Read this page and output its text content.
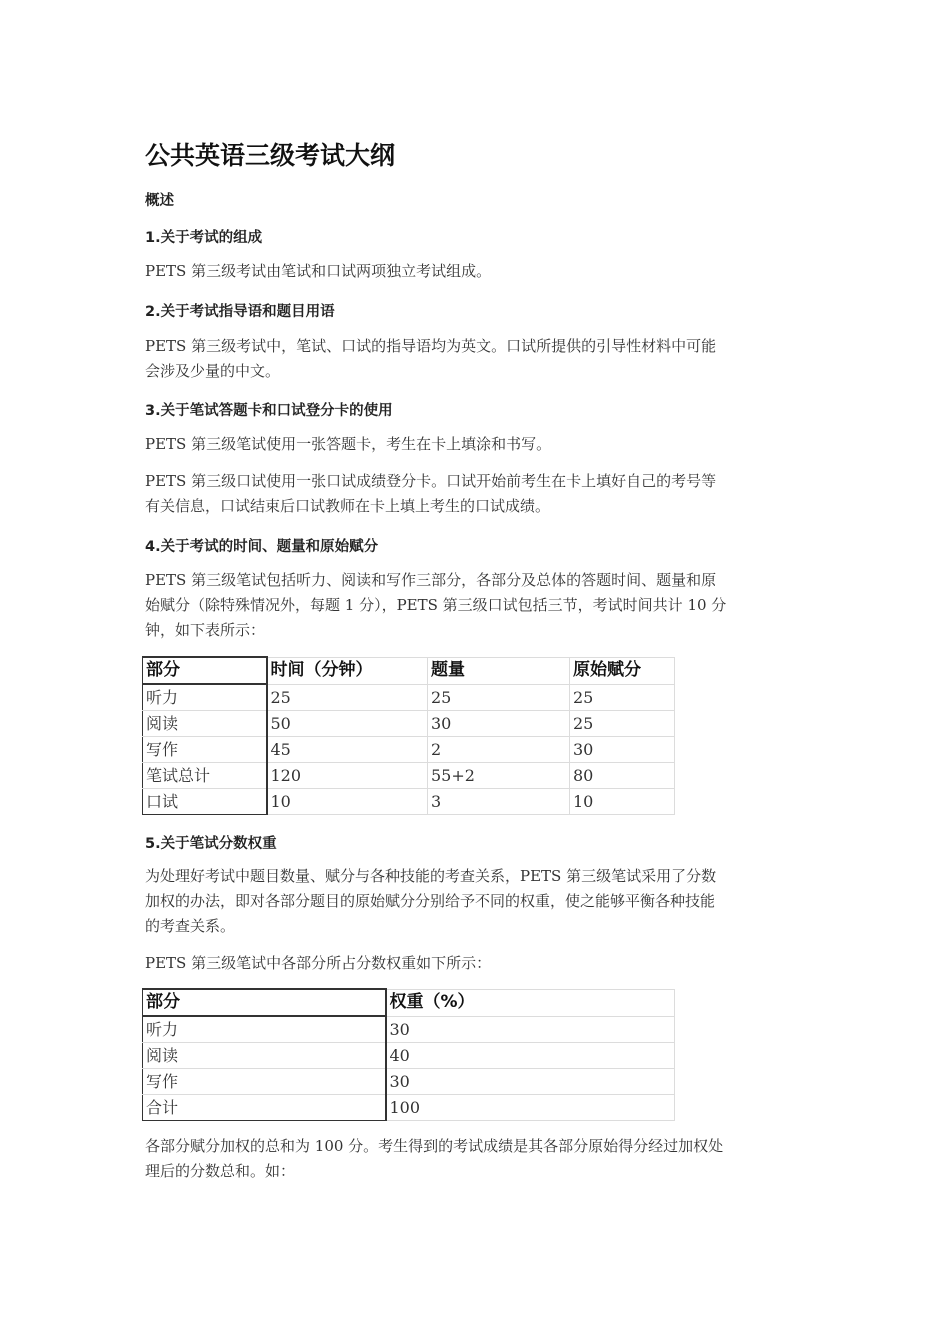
公共英语三级考试大纲
概述
1.关于考试的组成
PETS 第三级考试由笔试和口试两项独立考试组成。
2.关于考试指导语和题目用语
PETS 第三级考试中，笔试、口试的指导语均为英文。口试所提供的引导性材料中可能
会涉及少量的中文。
3.关于笔试答题卡和口试登分卡的使用
PETS 第三级笔试使用一张答题卡，考生在卡上填涂和书写。
PETS 第三级口试使用一张口试成绩登分卡。口试开始前考生在卡上填好自己的考号等
有关信息，口试结束后口试教师在卡上填上考生的口试成绩。
4.关于考试的时间、题量和原始赋分
PETS 第三级笔试包括听力、阅读和写作三部分，各部分及总体的答题时间、题量和原
始赋分（除特殊情况外，每题 1 分），PETS 第三级口试包括三节，考试时间共计 10 分
钟，如下表所示：
部分	时间（分钟）	题量	原始赋分
听力	25	25	25
阅读	50	30	25
写作	45	2	30
笔试总计	120	55+2	80
口试	10	3	10
5.关于笔试分数权重
为处理好考试中题目数量、赋分与各种技能的考查关系，PETS 第三级笔试采用了分数
加权的办法，即对各部分题目的原始赋分分别给予不同的权重，使之能够平衡各种技能
的考查关系。
PETS 第三级笔试中各部分所占分数权重如下所示：
部分	权重（%）
听力	30
阅读	40
写作	30
合计	100
各部分赋分加权的总和为 100 分。考生得到的考试成绩是其各部分原始得分经过加权处
理后的分数总和。如：
